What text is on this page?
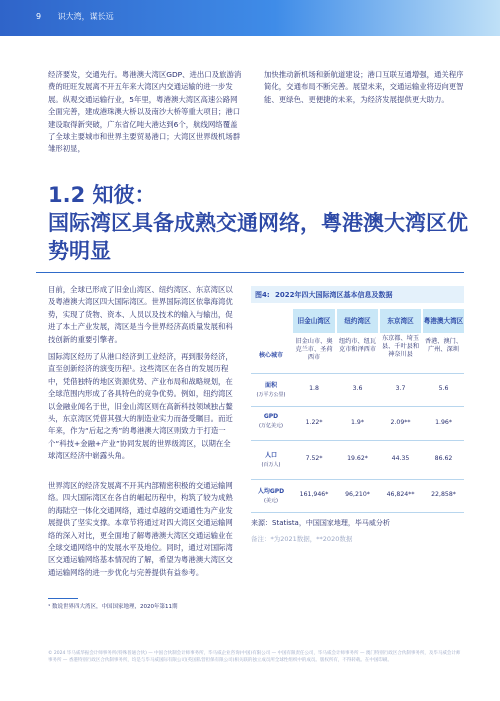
9 识大湾，谋长远

经济要发，交通先行。粤港澳大湾区GDP、进出口及旅游消费的旺旺发展离不开五年来大湾区内交通运输的进一步发展。纵观交通运输行业，5年里，粤港澳大湾区高速公路网全面完善，建成港珠澳大桥以及南沙大桥等重大项目；港口建设取得新突破，广东省亿吨大港达到6个，航线网络覆盖了全球主要城市和世界主要贸易港口；大湾区世界级机场群雏形初显，

加快推动新机场和新航道建设；港口互联互通增强，通关程序简化，交通布局不断完善。展望未来，交通运输业将迈向更智能、更绿色、更便捷的未来，为经济发展提供更大助力。

1.2 知彼：
国际湾区具备成熟交通网络，粤港澳大湾区优势明显

目前，全球已形成了旧金山湾区、纽约湾区、东京湾区以及粤港澳大湾区四大国际湾区。世界国际湾区依靠海湾优势，实现了货物、资本、人员以及技术的输入与输出，促进了本土产业发展，湾区是当今世界经济高质量发展和科技创新的重要引擎者。

国际湾区经历了从港口经济到工业经济，再到服务经济，直至创新经济的演变历程¹。这些湾区在各自的发展历程中，凭借独特的地区资源优势、产业布局和战略规划，在全球范围内形成了各具特色的竞争优势。例如，纽约湾区以金融业闻名于世，旧金山湾区则在高新科技领域独占鳌头，东京湾区凭借其强大的制造业实力而备受瞩目。而近年来，作为“后起之秀”的粤港澳大湾区则致力于打造一个“科技+金融+产业”协同发展的世界级湾区，以期在全球湾区经济中崭露头角。

世界湾区的经济发展离不开其内部精密积极的交通运输网络。四大国际湾区在各自的崛起历程中，构筑了较为成熟的海陆空一体化交通网络，通过卓越的交通通性为产业发展提供了坚实支撑。本章节将通过对四大湾区交通运输网络的深入对比，更全面地了解粤港澳大湾区交通运输业在全球交通网络中的发展水平及地位。同时，通过对国际湾区交通运输网络基本情况的了解，希望为粤港澳大湾区交通运输网络的进一步优化与完善提供有益参考。

¹ 数说世界四大湾区，中国国家地理，2020年第11期
© 2024 毕马威华振会计师事务所(特殊普通合伙) — 中国合伙制会计师事务所，毕马威企业咨询(中国)有限公司 — 中国有限责任公司，毕马威会计师事务所 — 澳门特别行政区合伙制事务所，及毕马威会计师事务所 — 香港特别行政区合伙制事务所，均是与毕马威国际有限公司(英国私营担保有限公司)相关联的独立成员所全球性组织中的成员。版权所有，不得转载。在中国印刷。
图4: 2022年四大国际湾区基本信息及数据
旧金山湾区	纽约湾区	东京湾区	粤港澳大湾区
核心城市
旧金山市、奥克兰市、圣荷西市
纽约市、纽瓦克市和泽西市
东京都、埼玉县、千叶县和神奈川县
香港、澳门、广州、深圳
面积
(万平方公里)
1.8	3.6	3.7	5.6
GPD
(万亿美元)	1.22*	1.9*	2.09**	1.96*
人口
(百万人)
7.52*	19.62*	44.35	86.62
人均GPD
(美元)
161,946*	96,210*	46,824**	22,858*
来源：Statista，中国国家地理，毕马威分析
备注：*为2021数据，**2020数据
